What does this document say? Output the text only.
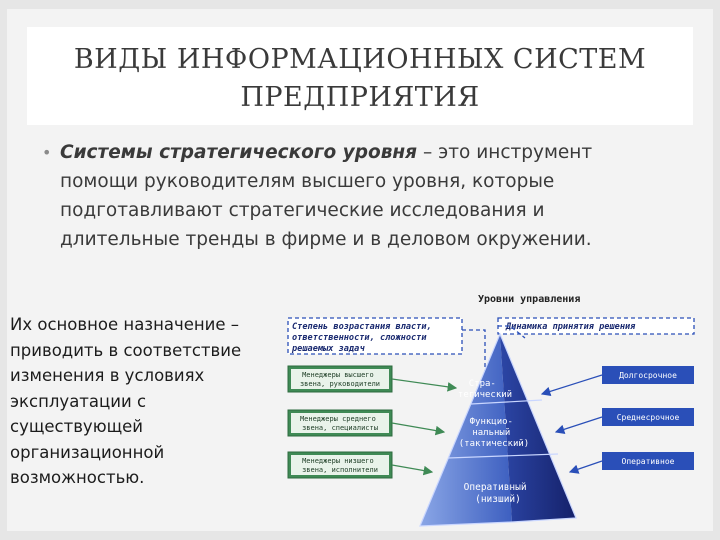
ВИДЫ ИНФОРМАЦИОННЫХ СИСТЕМ
ПРЕДПРИЯТИЯ
• Системы стратегического уровня – это инструмент помощи руководителям высшего уровня, которые подготавливают стратегические исследования и длительные тренды в фирме и в деловом окружении.
Их основное назначение – приводить в соответствие изменения в условиях эксплуатации с существующей организационной возможностью.
Уровни управления
Степень возрастания власти, ответственности, сложности решаемых задач
Динамика принятия решения
Стра- тегический
Функцио- нальный (тактический)
Оперативный (низший)
Менеджеры высшего звена, руководители
Менеджеры среднего звена, специалисты
Менеджеры низшего звена, исполнители
Долгосрочное
Среднесрочное
Оперативное
